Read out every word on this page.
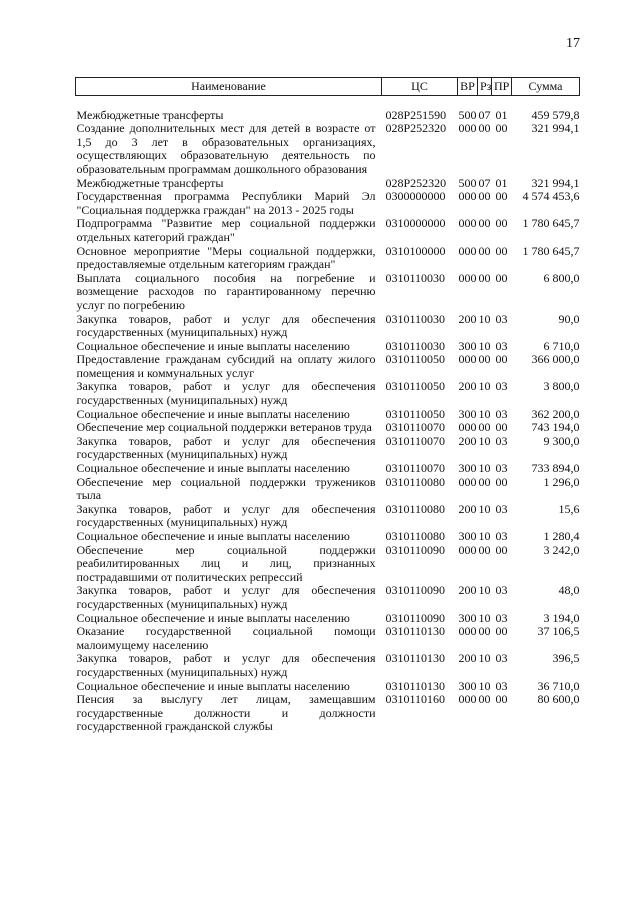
17
Наименование	ЦС	ВР	Рз	ПР	Сумма

Межбюджетные трансферты	028P251590	500	07	01	459 579,8
Создание дополнительных мест для детей в возрасте от 1,5 до 3 лет в образовательных организациях, осуществляющих образовательную деятельность по образовательным программам дошкольного образования	028P252320	000	00	00	321 994,1
Межбюджетные трансферты	028P252320	500	07	01	321 994,1
Государственная программа Республики Марий Эл "Социальная поддержка граждан" на 2013 - 2025 годы	0300000000	000	00	00	4 574 453,6
Подпрограмма "Развитие мер социальной поддержки отдельных категорий граждан"	0310000000	000	00	00	1 780 645,7
Основное мероприятие "Меры социальной поддержки, предоставляемые отдельным категориям граждан"	0310100000	000	00	00	1 780 645,7
Выплата социального пособия на погребение и возмещение расходов по гарантированному перечню услуг по погребению	0310110030	000	00	00	6 800,0
Закупка товаров, работ и услуг для обеспечения государственных (муниципальных) нужд	0310110030	200	10	03	90,0
Социальное обеспечение и иные выплаты населению	0310110030	300	10	03	6 710,0
Предоставление гражданам субсидий на оплату жилого помещения и коммунальных услуг	0310110050	000	00	00	366 000,0
Закупка товаров, работ и услуг для обеспечения государственных (муниципальных) нужд	0310110050	200	10	03	3 800,0
Социальное обеспечение и иные выплаты населению	0310110050	300	10	03	362 200,0
Обеспечение мер социальной поддержки ветеранов труда	0310110070	000	00	00	743 194,0
Закупка товаров, работ и услуг для обеспечения государственных (муниципальных) нужд	0310110070	200	10	03	9 300,0
Социальное обеспечение и иные выплаты населению	0310110070	300	10	03	733 894,0
Обеспечение мер социальной поддержки тружеников тыла	0310110080	000	00	00	1 296,0
Закупка товаров, работ и услуг для обеспечения государственных (муниципальных) нужд	0310110080	200	10	03	15,6
Социальное обеспечение и иные выплаты населению	0310110080	300	10	03	1 280,4
Обеспечение мер социальной поддержки реабилитированных лиц и лиц, признанных пострадавшими от политических репрессий	0310110090	000	00	00	3 242,0
Закупка товаров, работ и услуг для обеспечения государственных (муниципальных) нужд	0310110090	200	10	03	48,0
Социальное обеспечение и иные выплаты населению	0310110090	300	10	03	3 194,0
Оказание государственной социальной помощи малоимущему населению	0310110130	000	00	00	37 106,5
Закупка товаров, работ и услуг для обеспечения государственных (муниципальных) нужд	0310110130	200	10	03	396,5
Социальное обеспечение и иные выплаты населению	0310110130	300	10	03	36 710,0
Пенсия за выслугу лет лицам, замещавшим государственные должности и должности государственной гражданской службы	0310110160	000	00	00	80 600,0
